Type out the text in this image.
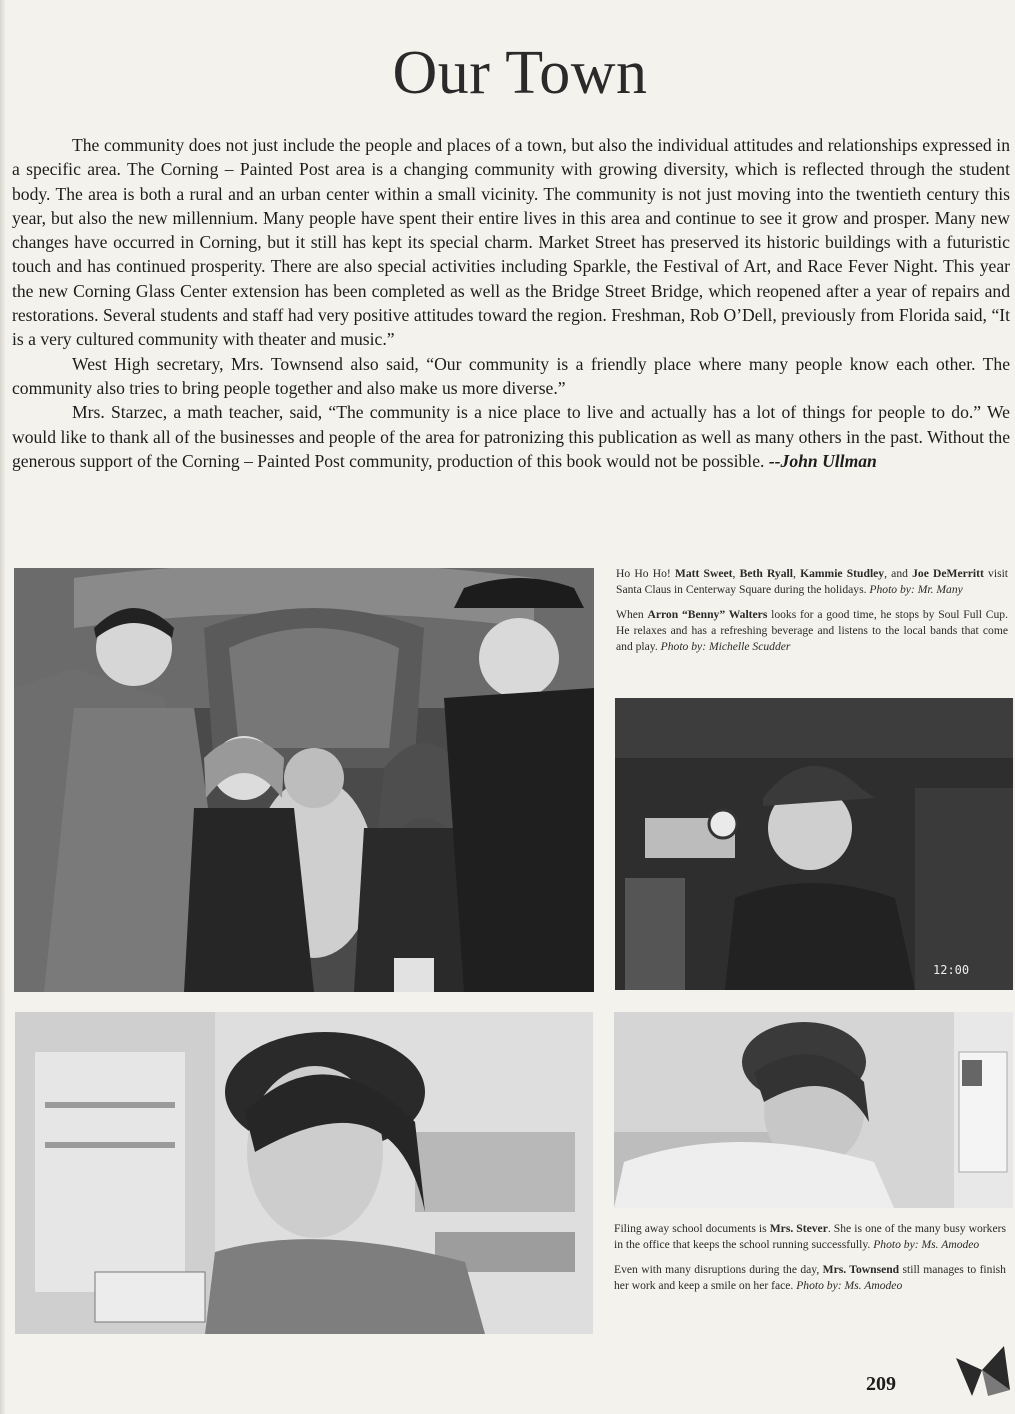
Our Town

The community does not just include the people and places of a town, but also the individual attitudes and relationships expressed in a specific area. The Corning – Painted Post area is a changing community with growing diversity, which is reflected through the student body. The area is both a rural and an urban center within a small vicinity. The community is not just moving into the twentieth century this year, but also the new millennium. Many people have spent their entire lives in this area and continue to see it grow and prosper. Many new changes have occurred in Corning, but it still has kept its special charm. Market Street has preserved its historic buildings with a futuristic touch and has continued prosperity. There are also special activities including Sparkle, the Festival of Art, and Race Fever Night. This year the new Corning Glass Center extension has been completed as well as the Bridge Street Bridge, which reopened after a year of repairs and restorations. Several students and staff had very positive attitudes toward the region. Freshman, Rob O’Dell, previously from Florida said, “It is a very cultured community with theater and music.”

West High secretary, Mrs. Townsend also said, “Our community is a friendly place where many people know each other. The community also tries to bring people together and also make us more diverse.”

Mrs. Starzec, a math teacher, said, “The community is a nice place to live and actually has a lot of things for people to do.” We would like to thank all of the businesses and people of the area for patronizing this publication as well as many others in the past. Without the generous support of the Corning – Painted Post community, production of this book would not be possible. --John Ullman

Ho Ho Ho! Matt Sweet, Beth Ryall, Kammie Studley, and Joe DeMerritt visit Santa Claus in Centerway Square during the holidays. Photo by: Mr. Many

When Arron “Benny” Walters looks for a good time, he stops by Soul Full Cup. He relaxes and has a refreshing beverage and listens to the local bands that come and play. Photo by: Michelle Scudder

12:00

Filing away school documents is Mrs. Stever. She is one of the many busy workers in the office that keeps the school running successfully. Photo by: Ms. Amodeo

Even with many disruptions during the day, Mrs. Townsend still manages to finish her work and keep a smile on her face. Photo by: Ms. Amodeo

209
